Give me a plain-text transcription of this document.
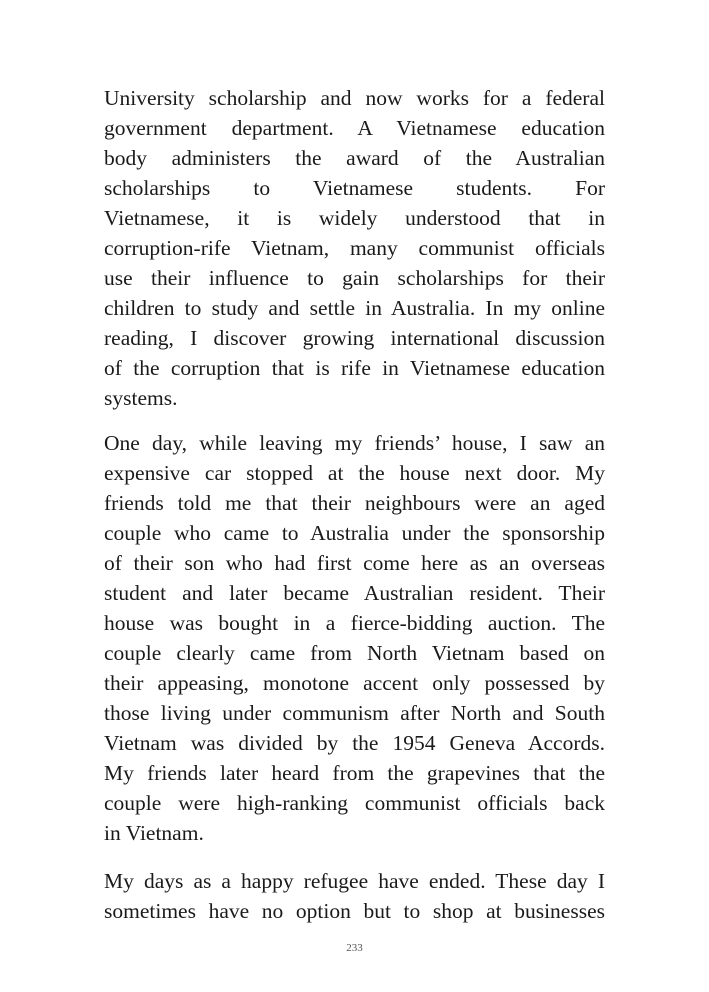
University scholarship and now works for a federal
government department. A Vietnamese education
body administers the award of the Australian
scholarships to Vietnamese students. For
Vietnamese, it is widely understood that in
corruption-rife Vietnam, many communist officials
use their influence to gain scholarships for their
children to study and settle in Australia. In my online
reading, I discover growing international discussion
of the corruption that is rife in Vietnamese education
systems.
One day, while leaving my friends’ house, I saw an
expensive car stopped at the house next door. My
friends told me that their neighbours were an aged
couple who came to Australia under the sponsorship
of their son who had first come here as an overseas
student and later became Australian resident. Their
house was bought in a fierce-bidding auction. The
couple clearly came from North Vietnam based on
their appeasing, monotone accent only possessed by
those living under communism after North and South
Vietnam was divided by the 1954 Geneva Accords.
My friends later heard from the grapevines that the
couple were high-ranking communist officials back
in Vietnam.
My days as a happy refugee have ended. These day I
sometimes have no option but to shop at businesses
233
